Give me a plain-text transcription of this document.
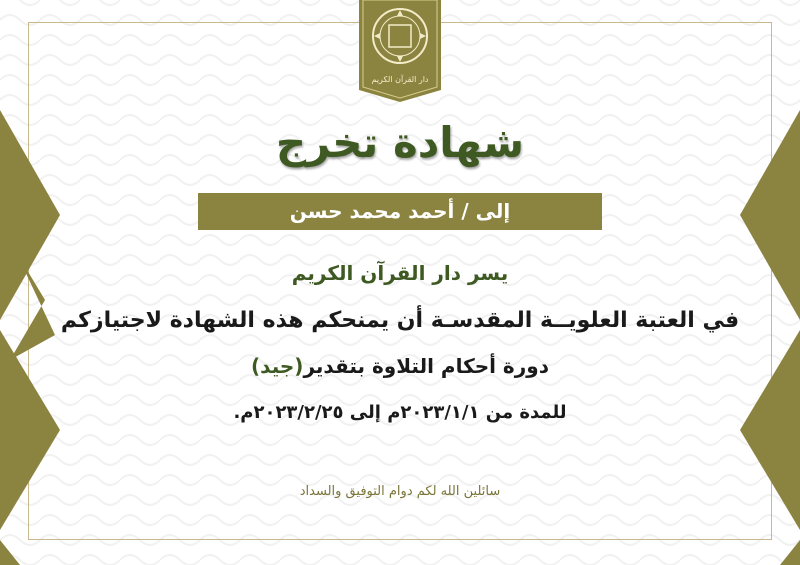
دار القرآن الكريم
شهادة تخرج
إلى / أحمد محمد حسن
يسر دار القرآن الكريم
في العتبة العلويــة المقدسـة أن يمنحكم هذه الشهادة لاجتيازكم
دورة أحكام التلاوة بتقدير(جيد)
للمدة من ٢٠٢٣/١/١م إلى ٢٠٢٣/٢/٢٥م.
سائلين الله لكم دوام التوفيق والسداد
